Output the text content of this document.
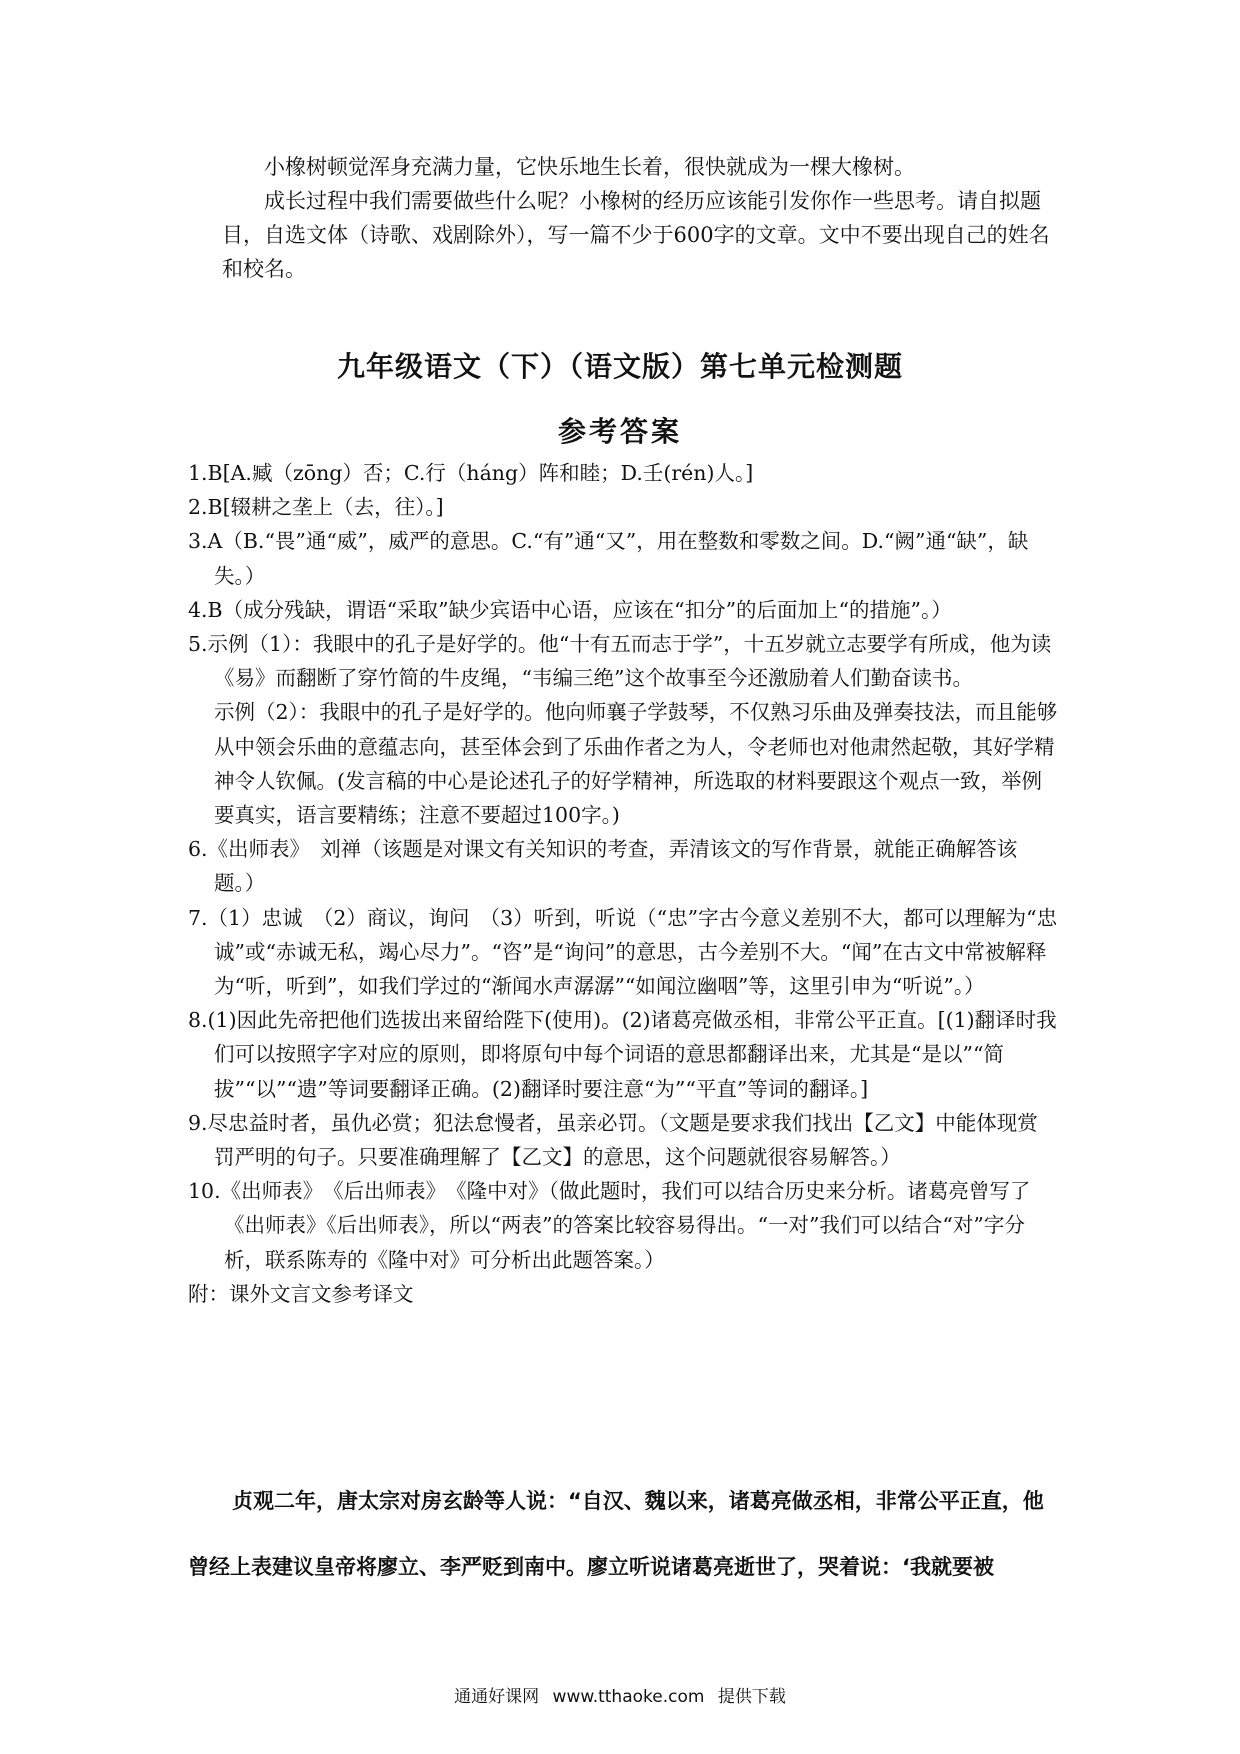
小橡树顿觉浑身充满力量，它快乐地生长着，很快就成为一棵大橡树。

成长过程中我们需要做些什么呢？小橡树的经历应该能引发你作一些思考。请自拟题目，自选文体（诗歌、戏剧除外），写一篇不少于600字的文章。文中不要出现自己的姓名和校名。

九年级语文（下）（语文版）第七单元检测题
参考答案

1.B[A.臧（zōng）否；C.行（háng）阵和睦；D.壬(rén)人。]

2.B[辍耕之垄上（去，往）。]

3.A（B.“畏”通“威”，威严的意思。C.“有”通“又”，用在整数和零数之间。D.“阙”通“缺”，缺失。）

4.B（成分残缺，谓语“采取”缺少宾语中心语，应该在“扣分”的后面加上“的措施”。）

5.示例（1）：我眼中的孔子是好学的。他“十有五而志于学”，十五岁就立志要学有所成，他为读《易》而翻断了穿竹简的牛皮绳，“韦编三绝”这个故事至今还激励着人们勤奋读书。

示例（2）：我眼中的孔子是好学的。他向师襄子学鼓琴，不仅熟习乐曲及弹奏技法，而且能够从中领会乐曲的意蕴志向，甚至体会到了乐曲作者之为人，令老师也对他肃然起敬，其好学精神令人钦佩。(发言稿的中心是论述孔子的好学精神，所选取的材料要跟这个观点一致，举例要真实，语言要精练；注意不要超过100字。)

6.《出师表》　刘禅（该题是对课文有关知识的考查，弄清该文的写作背景，就能正确解答该题。）

7.（1）忠诚　（2）商议，询问　（3）听到，听说（“忠”字古今意义差别不大，都可以理解为“忠诚”或“赤诚无私，竭心尽力”。“咨”是“询问”的意思，古今差别不大。“闻”在古文中常被解释为“听，听到”，如我们学过的“渐闻水声潺潺”“如闻泣幽咽”等，这里引申为“听说”。）

8.(1)因此先帝把他们选拔出来留给陛下(使用)。(2)诸葛亮做丞相，非常公平正直。[(1)翻译时我们可以按照字字对应的原则，即将原句中每个词语的意思都翻译出来，尤其是“是以”“简拔”“以”“遗”等词要翻译正确。(2)翻译时要注意“为”“平直”等词的翻译。]

9.尽忠益时者，虽仇必赏；犯法怠慢者，虽亲必罚。（文题是要求我们找出【乙文】中能体现赏罚严明的句子。只要准确理解了【乙文】的意思，这个问题就很容易解答。）

10.《出师表》　《后出师表》　《隆中对》（做此题时，我们可以结合历史来分析。诸葛亮曾写了《出师表》《后出师表》，所以“两表”的答案比较容易得出。“一对”我们可以结合“对”字分析，联系陈寿的《隆中对》可分析出此题答案。）

附：课外文言文参考译文

贞观二年，唐太宗对房玄龄等人说：“自汉、魏以来，诸葛亮做丞相，非常公平正直，他曾经上表建议皇帝将廖立、李严贬到南中。廖立听说诸葛亮逝世了，哭着说：‘我就要被

通通好课网 www.tthaoke.com 提供下载
